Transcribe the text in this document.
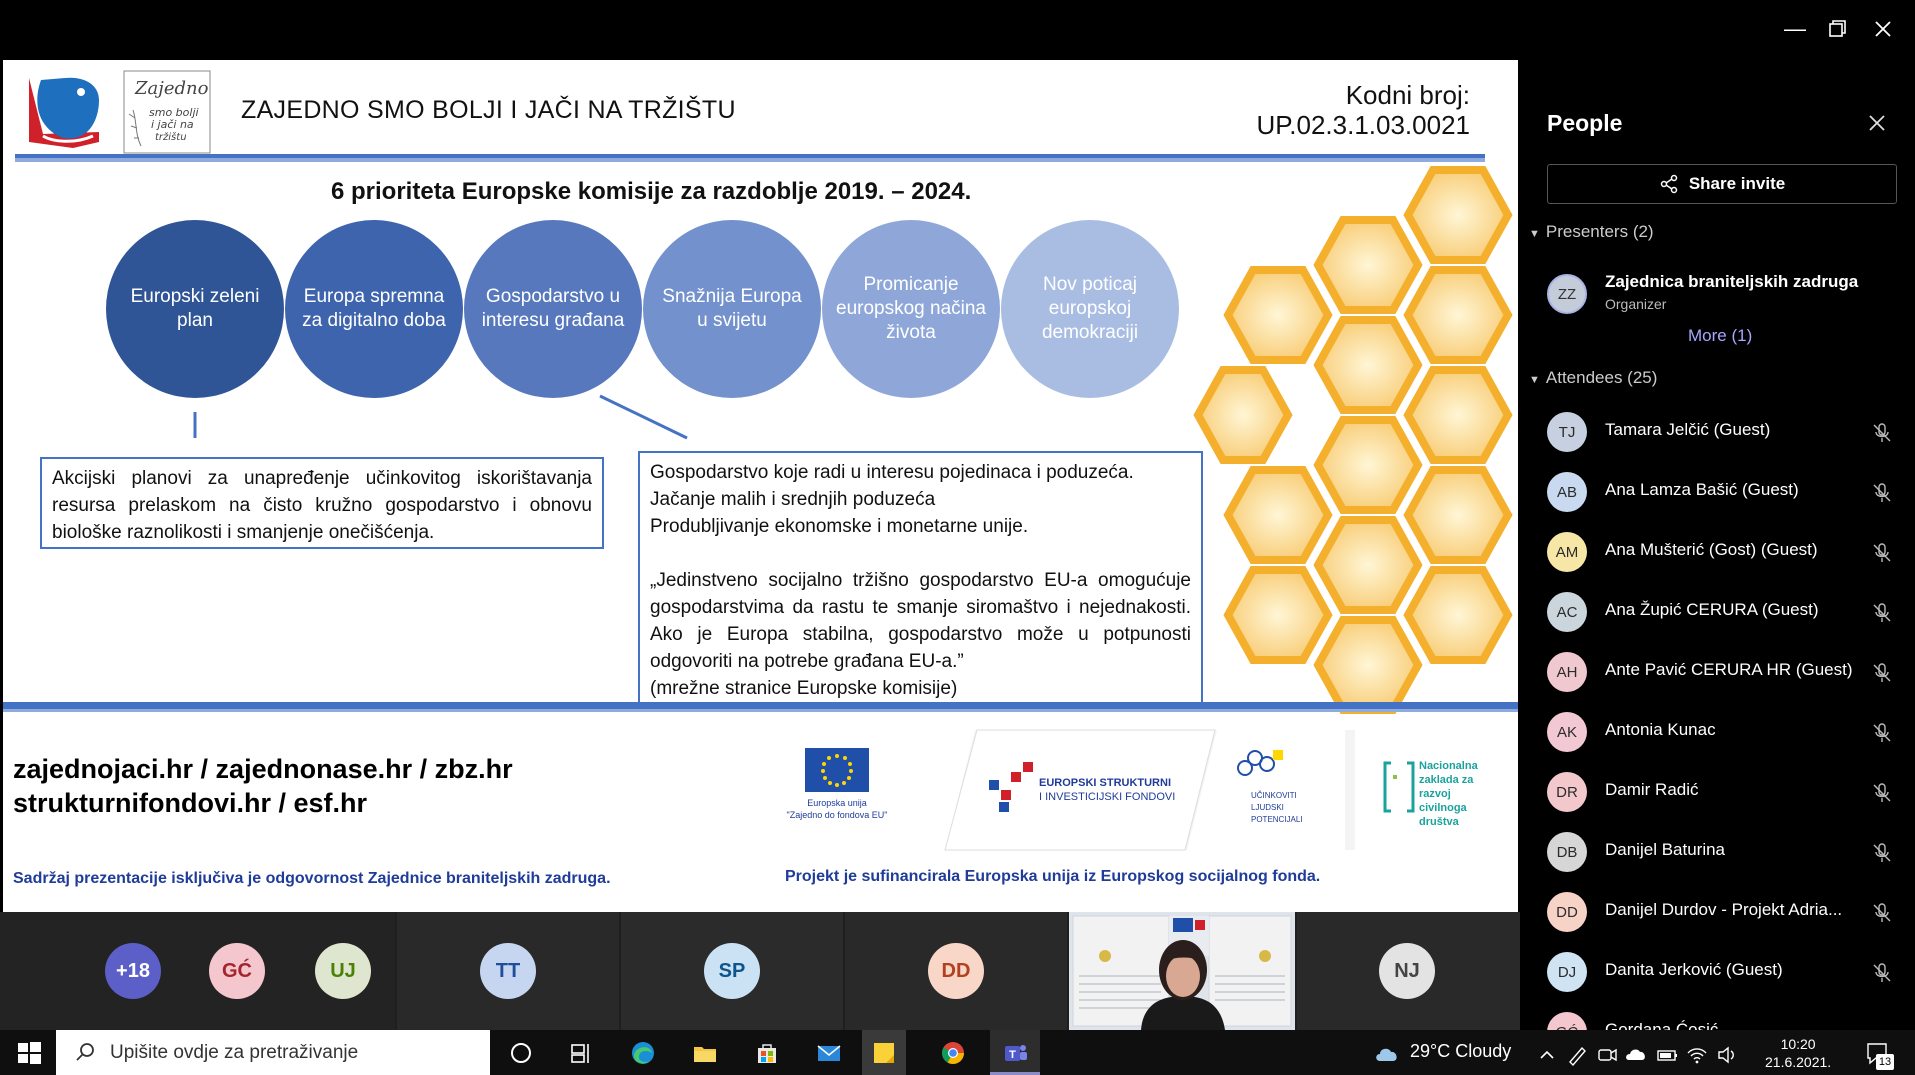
—
Zajedno
smo bolji
i jači na
tržištu
ZAJEDNO SMO BOLJI I JAČI NA TRŽIŠTU	Kodni broj:
UP.02.3.1.03.0021
6 prioriteta Europske komisije za razdoblje 2019. – 2024.
Europski zeleni plan
Europa spremna za digitalno doba
Gospodarstvo u interesu građana
Snažnija Europa u svijetu
Promicanje europskog načina života
Nov poticaj europskoj demokraciji
Akcijski planovi za unapređenje učinkovitog iskorištavanja resursa prelaskom na čisto kružno gospodarstvo i obnovu biološke raznolikosti i smanjenje onečišćenja.
Gospodarstvo koje radi u interesu pojedinaca i poduzeća.
Jačanje malih i srednjih poduzeća
Produbljivanje ekonomske i monetarne unije.
„Jedinstveno socijalno tržišno gospodarstvo EU-a omogućuje gospodarstvima da rastu te smanje siromaštvo i nejednakosti. Ako je Europa stabilna, gospodarstvo može u potpunosti odgovoriti na potrebe građana EU-a.”
(mrežne stranice Europske komisije)
zajednojaci.hr / zajednonase.hr / zbz.hr
strukturnifondovi.hr / esf.hr	Europska unija
"Zajedno do fondova EU"
EUROPSKI STRUKTURNI
I INVESTICIJSKI FONDOVI	UČINKOVITI
LJUDSKI
POTENCIJALI
Nacionalna
zaklada za
razvoj
civilnoga
društva
Sadržaj prezentacije isključiva je odgovornost Zajednice braniteljskih zadruga.	Projekt je sufinancirala Europska unija iz Europskog socijalnog fonda.
+18	GĆ	UJ	TT	SP	DD	NJ
People
Share invite
▼ Presenters (2)
ZZ
Zajednica braniteljskih zadruga
Organizer
More (1)
▼ Attendees (25)
TJ	Tamara Jelčić (Guest)
AB	Ana Lamza Bašić (Guest)
AM	Ana Mušterić (Gost) (Guest)
AC	Ana Župić CERURA (Guest)
AH	Ante Pavić CERURA HR (Guest)
AK	Antonia Kunac
DR	Damir Radić
DB	Danijel Baturina
DD	Danijel Durdov - Projekt Adria...
DJ	Danita Jerković (Guest)
Upišite ovdje za pretraživanje	T	29°C Cloudy	10:20
21.6.2021.	13
